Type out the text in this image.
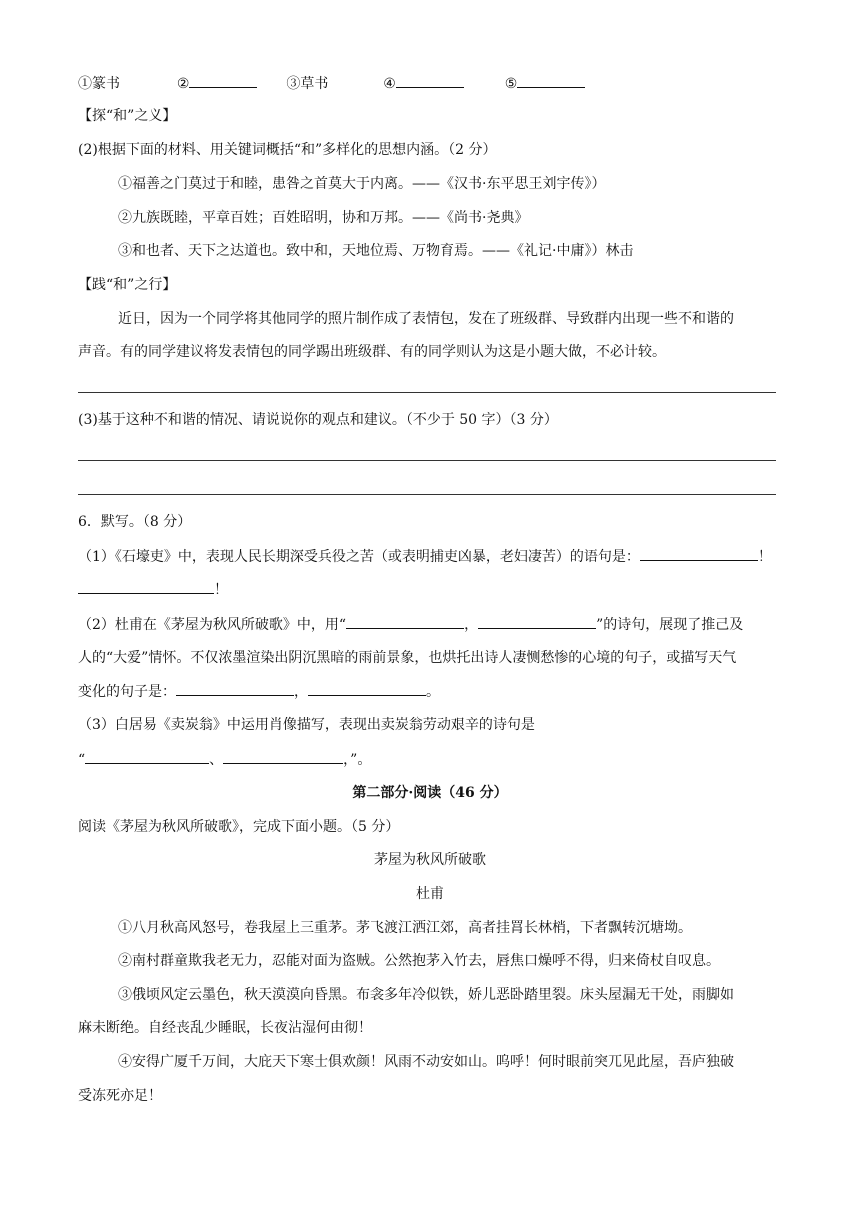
①篆书	②	③草书	④	⑤
【探“和”之义】
(2)根据下面的材料、用关键词概括“和”多样化的思想内涵。（2 分）
①福善之门莫过于和睦，患咎之首莫大于内离。——《汉书·东平思王刘宇传》）
②九族既睦，平章百姓；百姓昭明，协和万邦。——《尚书·尧典》
③和也者、天下之达道也。致中和，天地位焉、万物育焉。——《礼记·中庸》）林击
【践“和”之行】
近日，因为一个同学将其他同学的照片制作成了表情包，发在了班级群、导致群内出现一些不和谐的
声音。有的同学建议将发表情包的同学踢出班级群、有的同学则认为这是小题大做，不必计较。
(3)基于这种不和谐的情况、请说说你的观点和建议。（不少于 50 字）（3 分）
6．默写。（8 分）
（1）《石壕吏》中，表现人民长期深受兵役之苦（或表明捕吏凶暴，老妇凄苦）的语句是：	！
！
（2）杜甫在《茅屋为秋风所破歌》中，用“	，	”的诗句，展现了推己及
人的“大爱”情怀。不仅浓墨渲染出阴沉黑暗的雨前景象，也烘托出诗人凄恻愁惨的心境的句子，或描写天气
变化的句子是：	，	。
（3）白居易《卖炭翁》中运用肖像描写，表现出卖炭翁劳动艰辛的诗句是
“	、	，”。
第二部分·阅读（46 分）
阅读《茅屋为秋风所破歌》，完成下面小题。（5 分）
茅屋为秋风所破歌
杜甫
①八月秋高风怒号，卷我屋上三重茅。茅飞渡江洒江郊，高者挂罥长林梢，下者飘转沉塘坳。
②南村群童欺我老无力，忍能对面为盗贼。公然抱茅入竹去，唇焦口燥呼不得，归来倚杖自叹息。
③俄顷风定云墨色，秋天漠漠向昏黑。布衾多年冷似铁，娇儿恶卧踏里裂。床头屋漏无干处，雨脚如
麻未断绝。自经丧乱少睡眠，长夜沾湿何由彻！
④安得广厦千万间，大庇天下寒士俱欢颜！风雨不动安如山。呜呼！何时眼前突兀见此屋，吾庐独破
受冻死亦足！
